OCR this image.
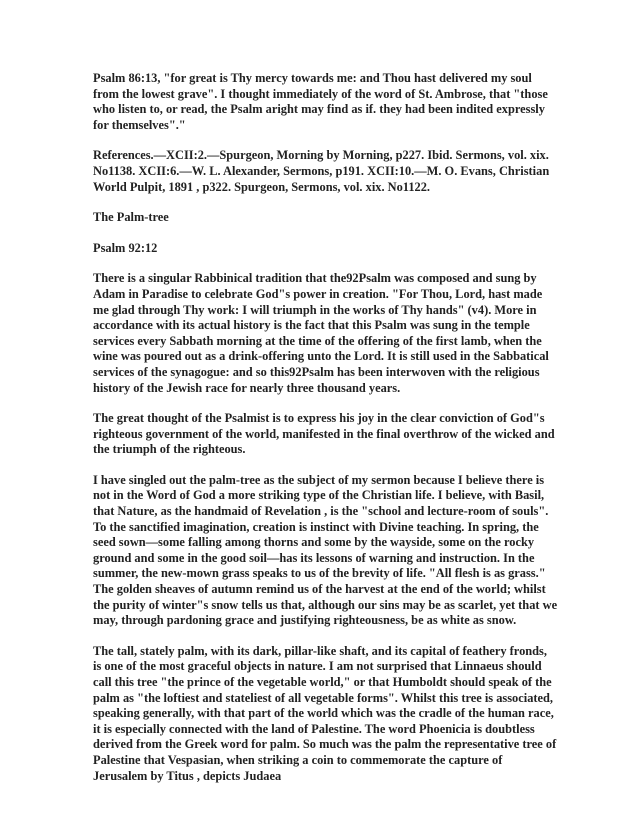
Psalm 86:13, "for great is Thy mercy towards me: and Thou hast delivered my soul from the lowest grave". I thought immediately of the word of St. Ambrose, that "those who listen to, or read, the Psalm aright may find as if. they had been indited expressly for themselves"."

References.—XCII:2.—Spurgeon, Morning by Morning, p227. Ibid. Sermons, vol. xix. No1138. XCII:6.—W. L. Alexander, Sermons, p191. XCII:10.—M. O. Evans, Christian World Pulpit, 1891 , p322. Spurgeon, Sermons, vol. xix. No1122.

The Palm-tree

Psalm 92:12

There is a singular Rabbinical tradition that the92Psalm was composed and sung by Adam in Paradise to celebrate God"s power in creation. "For Thou, Lord, hast made me glad through Thy work: I will triumph in the works of Thy hands" (v4). More in accordance with its actual history is the fact that this Psalm was sung in the temple services every Sabbath morning at the time of the offering of the first lamb, when the wine was poured out as a drink-offering unto the Lord. It is still used in the Sabbatical services of the synagogue: and so this92Psalm has been interwoven with the religious history of the Jewish race for nearly three thousand years.

The great thought of the Psalmist is to express his joy in the clear conviction of God"s righteous government of the world, manifested in the final overthrow of the wicked and the triumph of the righteous.

I have singled out the palm-tree as the subject of my sermon because I believe there is not in the Word of God a more striking type of the Christian life. I believe, with Basil, that Nature, as the handmaid of Revelation , is the "school and lecture-room of souls". To the sanctified imagination, creation is instinct with Divine teaching. In spring, the seed sown—some falling among thorns and some by the wayside, some on the rocky ground and some in the good soil—has its lessons of warning and instruction. In the summer, the new-mown grass speaks to us of the brevity of life. "All flesh is as grass." The golden sheaves of autumn remind us of the harvest at the end of the world; whilst the purity of winter"s snow tells us that, although our sins may be as scarlet, yet that we may, through pardoning grace and justifying righteousness, be as white as snow.

The tall, stately palm, with its dark, pillar-like shaft, and its capital of feathery fronds, is one of the most graceful objects in nature. I am not surprised that Linnaeus should call this tree "the prince of the vegetable world," or that Humboldt should speak of the palm as "the loftiest and stateliest of all vegetable forms". Whilst this tree is associated, speaking generally, with that part of the world which was the cradle of the human race, it is especially connected with the land of Palestine. The word Phoenicia is doubtless derived from the Greek word for palm. So much was the palm the representative tree of Palestine that Vespasian, when striking a coin to commemorate the capture of Jerusalem by Titus , depicts Judaea
